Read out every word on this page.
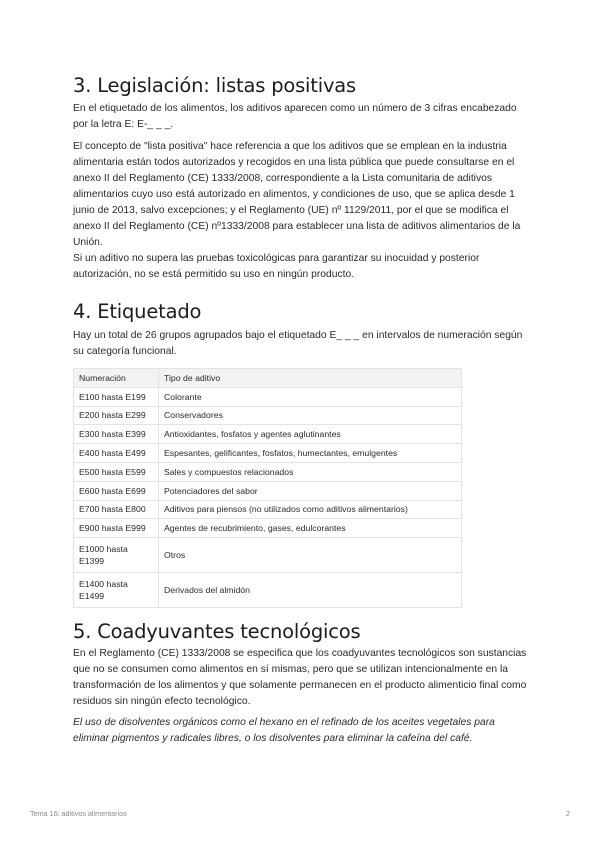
3. Legislación: listas positivas

En el etiquetado de los alimentos, los aditivos aparecen como un número de 3 cifras encabezado por la letra E: E-_ _ _.

El concepto de "lista positiva" hace referencia a que los aditivos que se emplean en la industria alimentaria están todos autorizados y recogidos en una lista pública que puede consultarse en el anexo II del Reglamento (CE) 1333/2008, correspondiente a la Lista comunitaria de aditivos alimentarios cuyo uso está autorizado en alimentos, y condiciones de uso, que se aplica desde 1 junio de 2013, salvo excepciones; y el Reglamento (UE) nº 1129/2011, por el que se modifica el anexo II del Reglamento (CE) nº1333/2008 para establecer una lista de aditivos alimentarios de la Unión.

Si un aditivo no supera las pruebas toxicológicas para garantizar su inocuidad y posterior autorización, no se está permitido su uso en ningún producto.

4. Etiquetado

Hay un total de 26 grupos agrupados bajo el etiquetado E_ _ _ en intervalos de numeración según su categoría funcional.

Numeración	Tipo de aditivo
E100 hasta E199	Colorante
E200 hasta E299	Conservadores
E300 hasta E399	Antioxidantes, fosfatos y agentes aglutinantes
E400 hasta E499	Espesantes, gelificantes, fosfatos, humectantes, emulgentes
E500 hasta E599	Sales y compuestos relacionados
E600 hasta E699	Potenciadores del sabor
E700 hasta E800	Aditivos para piensos (no utilizados como aditivos alimentarios)
E900 hasta E999	Agentes de recubrimiento, gases, edulcorantes
E1000 hasta E1399	Otros
E1400 hasta E1499	Derivados del almidón
5. Coadyuvantes tecnológicos

En el Reglamento (CE) 1333/2008 se especifica que los coadyuvantes tecnológicos son sustancias que no se consumen como alimentos en sí mismas, pero que se utilizan intencionalmente en la transformación de los alimentos y que solamente permanecen en el producto alimenticio final como residuos sin ningún efecto tecnológico.

El uso de disolventes orgánicos como el hexano en el refinado de los aceites vegetales para eliminar pigmentos y radicales libres, o los disolventes para eliminar la cafeína del café.

Tema 16: aditivos alimentarios	2
